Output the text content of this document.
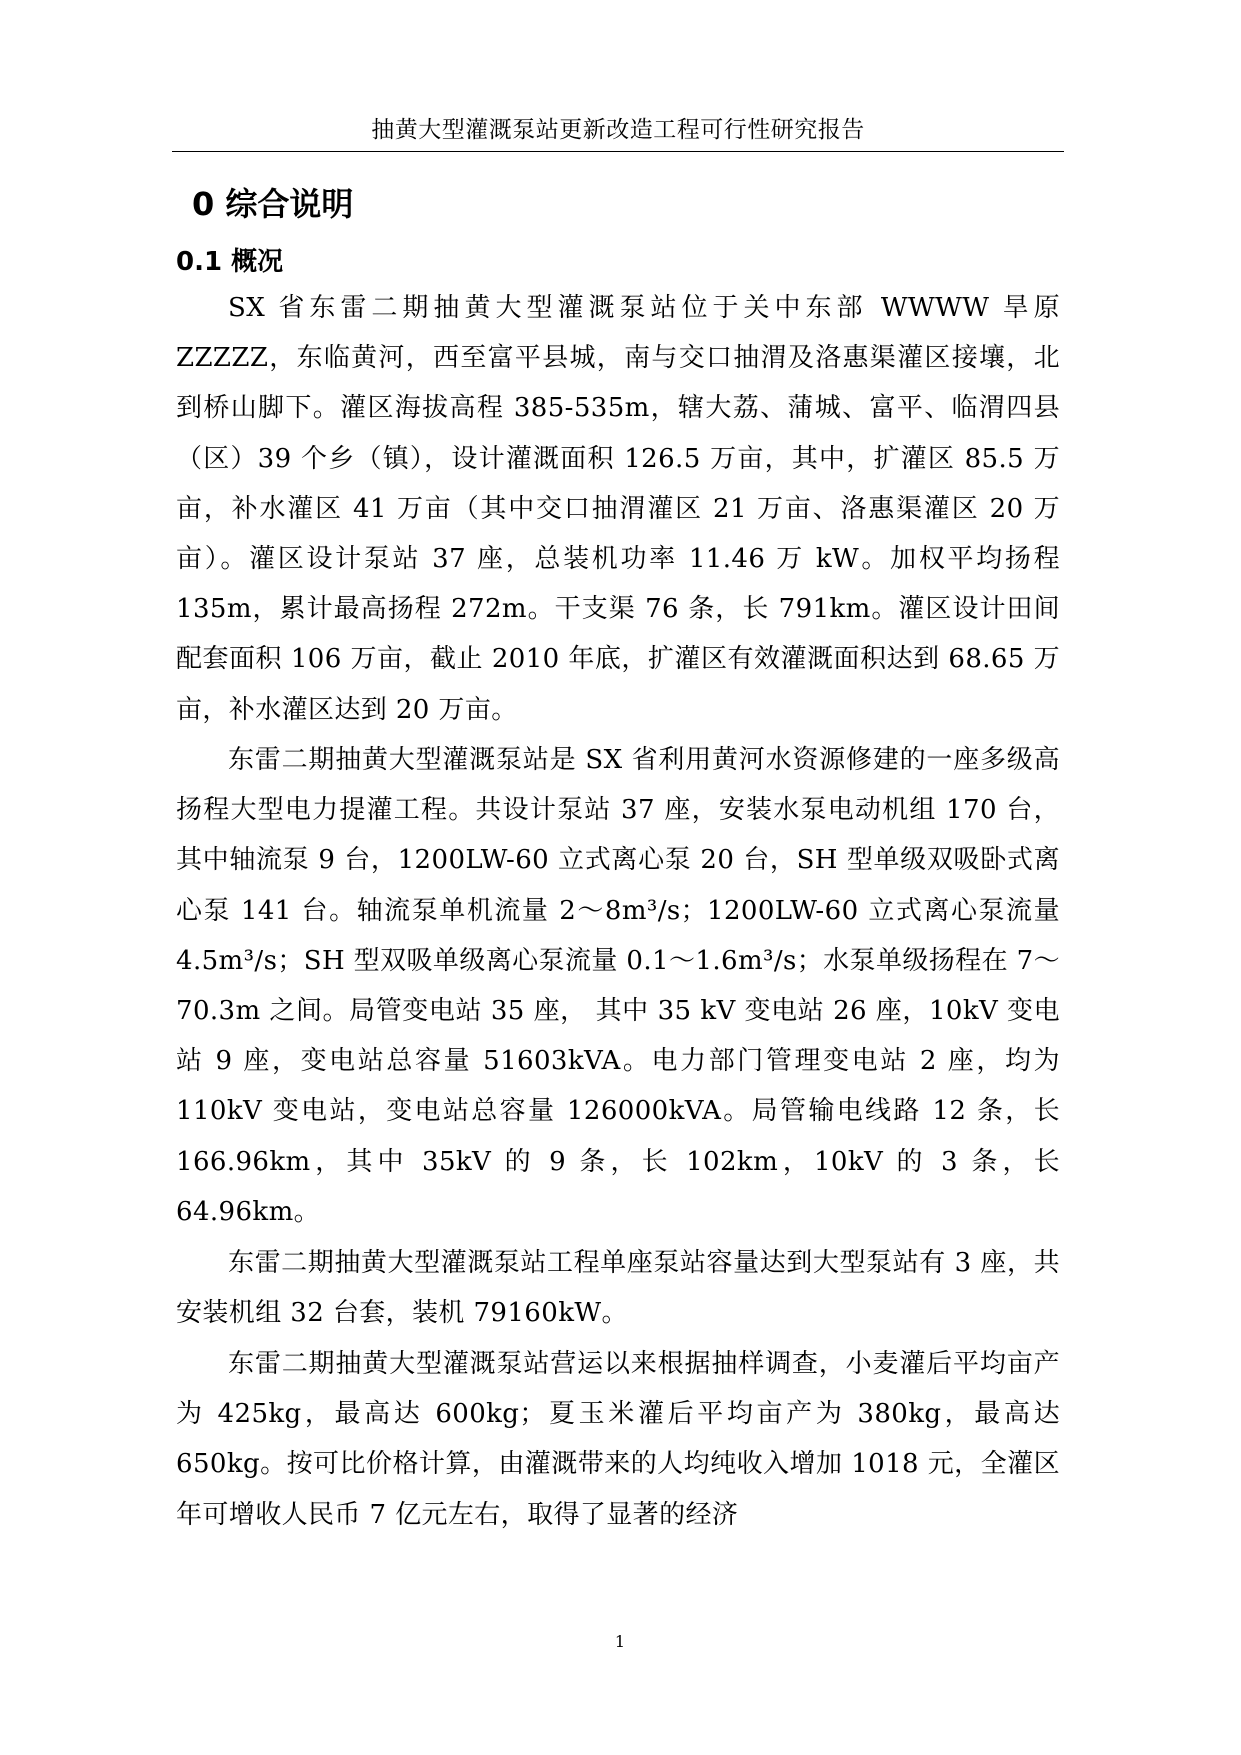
抽黄大型灌溉泵站更新改造工程可行性研究报告
0 综合说明
0.1 概况

SX 省东雷二期抽黄大型灌溉泵站位于关中东部 WWWW 旱原 ZZZZZ，东临黄河，西至富平县城，南与交口抽渭及洛惠渠灌区接壤，北到桥山脚下。灌区海拔高程 385-535m，辖大荔、蒲城、富平、临渭四县（区）39 个乡（镇），设计灌溉面积 126.5 万亩，其中，扩灌区 85.5 万亩，补水灌区 41 万亩（其中交口抽渭灌区 21 万亩、洛惠渠灌区 20 万亩）。灌区设计泵站 37 座，总装机功率 11.46 万 kW。加权平均扬程 135m，累计最高扬程 272m。干支渠 76 条，长 791km。灌区设计田间配套面积 106 万亩，截止 2010 年底，扩灌区有效灌溉面积达到 68.65 万亩，补水灌区达到 20 万亩。

东雷二期抽黄大型灌溉泵站是 SX 省利用黄河水资源修建的一座多级高扬程大型电力提灌工程。共设计泵站 37 座，安装水泵电动机组 170 台，其中轴流泵 9 台，1200LW-60 立式离心泵 20 台，SH 型单级双吸卧式离心泵 141 台。轴流泵单机流量 2～8m³/s；1200LW-60 立式离心泵流量 4.5m³/s；SH 型双吸单级离心泵流量 0.1～1.6m³/s；水泵单级扬程在 7～70.3m 之间。局管变电站 35 座， 其中 35 kV 变电站 26 座，10kV 变电站 9 座，变电站总容量 51603kVA。电力部门管理变电站 2 座，均为 110kV 变电站，变电站总容量 126000kVA。局管输电线路 12 条，长 166.96km，其中 35kV 的 9 条，长 102km，10kV 的 3 条，长 64.96km。

东雷二期抽黄大型灌溉泵站工程单座泵站容量达到大型泵站有 3 座，共安装机组 32 台套，装机 79160kW。

东雷二期抽黄大型灌溉泵站营运以来根据抽样调查，小麦灌后平均亩产为 425kg，最高达 600kg；夏玉米灌后平均亩产为 380kg，最高达 650kg。按可比价格计算，由灌溉带来的人均纯收入增加 1018 元，全灌区年可增收人民币 7 亿元左右，取得了显著的经济

1
